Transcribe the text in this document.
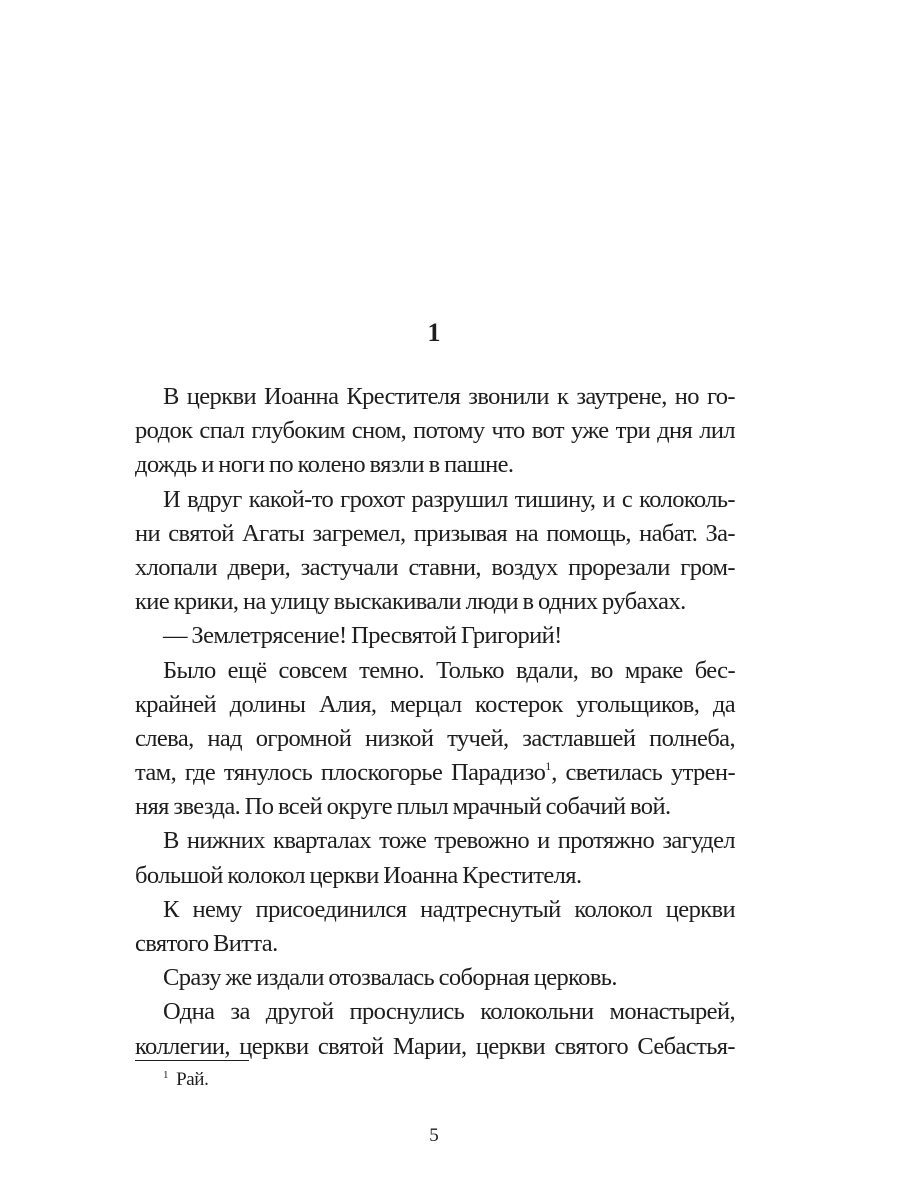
1
В церкви Иоанна Крестителя звонили к заутрене, но го-
родок спал глубоким сном, потому что вот уже три дня лил
дождь и ноги по колено вязли в пашне.
И вдруг какой-то грохот разрушил тишину, и с колоколь-
ни святой Агаты загремел, призывая на помощь, набат. За-
хлопали двери, застучали ставни, воздух прорезали гром-
кие крики, на улицу выскакивали люди в одних рубахах.
— Землетрясение! Пресвятой Григорий!
Было ещё совсем темно. Только вдали, во мраке бес-
крайней долины Алия, мерцал костерок угольщиков, да
слева, над огромной низкой тучей, застлавшей полнеба,
там, где тянулось плоскогорье Парадизо$^1$, светилась утрен-
няя звезда. По всей округе плыл мрачный собачий вой.
В нижних кварталах тоже тревожно и протяжно загудел
большой колокол церкви Иоанна Крестителя.
К нему присоединился надтреснутый колокол церкви
святого Витта.
Сразу же издали отозвалась соборная церковь.
Одна за другой проснулись колокольни монастырей,
коллегии, церкви святой Марии, церкви святого Себастья-
$^1$ Рай.
5
